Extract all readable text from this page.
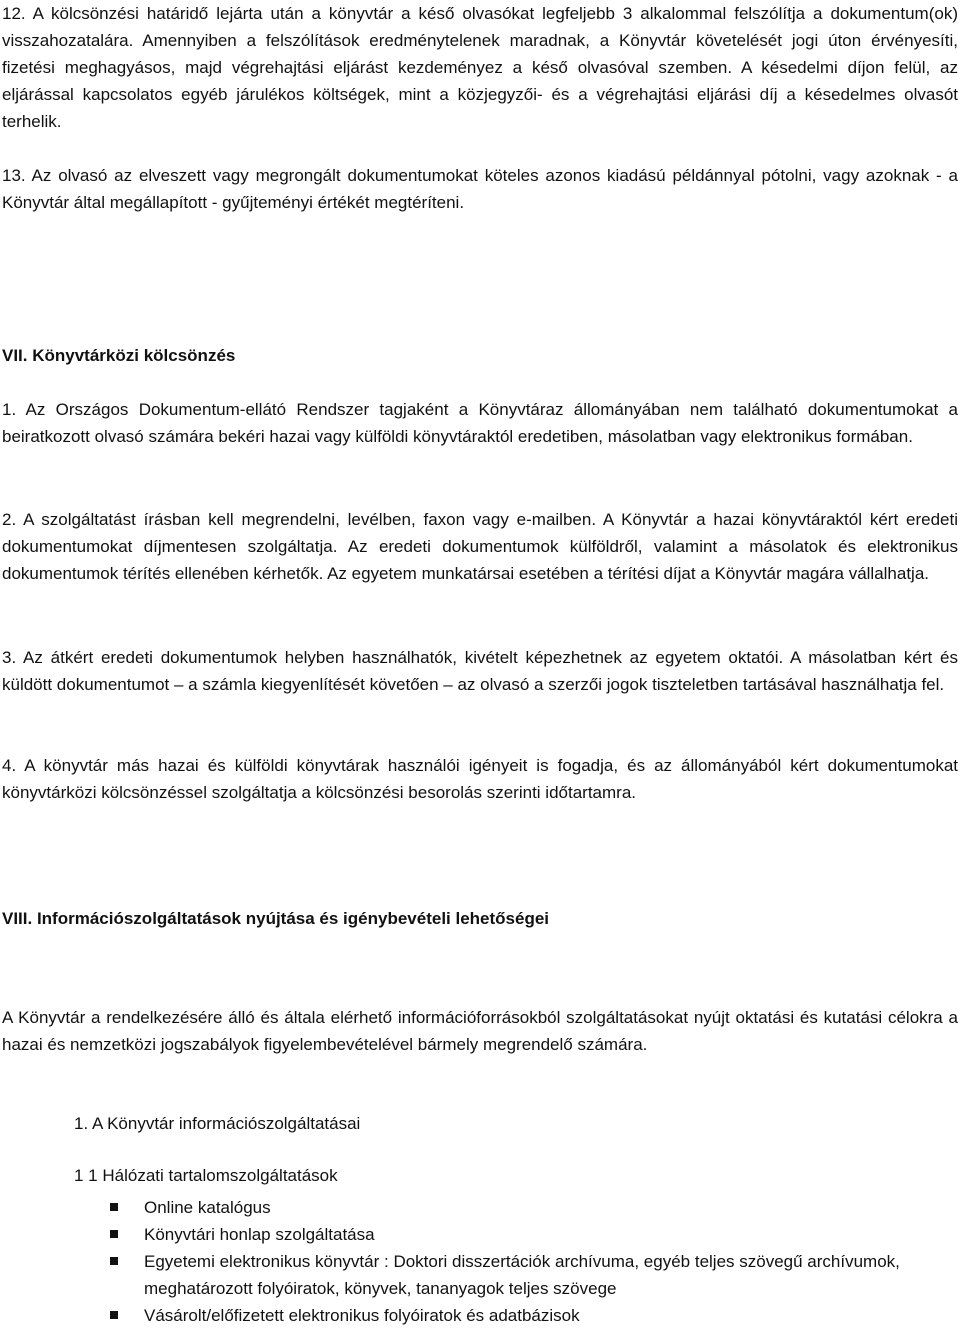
12. A kölcsönzési határidő lejárta után a könyvtár a késő olvasókat legfeljebb 3 alkalommal felszólítja a dokumentum(ok) visszahozatalára. Amennyiben a felszólítások eredménytelenek maradnak, a Könyvtár követelését jogi úton érvényesíti, fizetési meghagyásos, majd végrehajtási eljárást kezdeményez a késő olvasóval szemben. A késedelmi díjon felül, az eljárással kapcsolatos egyéb járulékos költségek, mint a közjegyzői- és a végrehajtási eljárási díj a késedelmes olvasót terhelik.

13. Az olvasó az elveszett vagy megrongált dokumentumokat köteles azonos kiadású példánnyal pótolni, vagy azoknak - a Könyvtár által megállapított - gyűjteményi értékét megtéríteni.

VII. Könyvtárközi kölcsönzés

1. Az Országos Dokumentum-ellátó Rendszer tagjaként a Könyvtáraz állományában nem található dokumentumokat a beiratkozott olvasó számára bekéri hazai vagy külföldi könyvtáraktól eredetiben, másolatban vagy elektronikus formában.

2. A szolgáltatást írásban kell megrendelni, levélben, faxon vagy e-mailben. A Könyvtár a hazai könyvtáraktól kért eredeti dokumentumokat díjmentesen szolgáltatja. Az eredeti dokumentumok külföldről, valamint a másolatok és elektronikus dokumentumok térítés ellenében kérhetők. Az egyetem munkatársai esetében a térítési díjat a Könyvtár magára vállalhatja.

3. Az átkért eredeti dokumentumok helyben használhatók, kivételt képezhetnek az egyetem oktatói. A másolatban kért és küldött dokumentumot – a számla kiegyenlítését követően – az olvasó a szerzői jogok tiszteletben tartásával használhatja fel.

4. A könyvtár más hazai és külföldi könyvtárak használói igényeit is fogadja, és az állományából kért dokumentumokat könyvtárközi kölcsönzéssel szolgáltatja a kölcsönzési besorolás szerinti időtartamra.

VIII. Információszolgáltatások nyújtása és igénybevételi lehetőségei

A Könyvtár a rendelkezésére álló és általa elérhető információforrásokból szolgáltatásokat nyújt oktatási és kutatási célokra a hazai és nemzetközi jogszabályok figyelembevételével bármely megrendelő számára.

1. A Könyvtár információszolgáltatásai

1 1 Hálózati tartalomszolgáltatások

Online katalógus
Könyvtári honlap szolgáltatása
Egyetemi elektronikus könyvtár : Doktori disszertációk archívuma, egyéb teljes szövegű archívumok, meghatározott folyóiratok, könyvek, tananyagok teljes szövege
Vásárolt/előfizetett elektronikus folyóiratok és adatbázisok
